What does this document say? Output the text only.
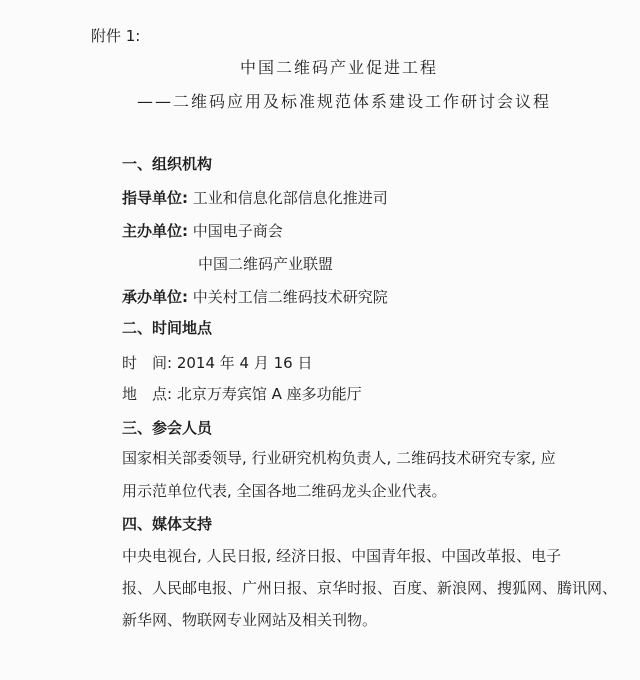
附件 1:
中国二维码产业促进工程
——二维码应用及标准规范体系建设工作研讨会议程
一、组织机构
指导单位: 工业和信息化部信息化推进司
主办单位: 中国电子商会
中国二维码产业联盟
承办单位: 中关村工信二维码技术研究院
二、时间地点
时　间: 2014 年 4 月 16 日
地　点: 北京万寿宾馆 A 座多功能厅
三、参会人员
国家相关部委领导, 行业研究机构负责人, 二维码技术研究专家, 应
用示范单位代表, 全国各地二维码龙头企业代表。
四、媒体支持
中央电视台, 人民日报, 经济日报、中国青年报、中国改革报、电子
报、人民邮电报、广州日报、京华时报、百度、新浪网、搜狐网、腾讯网、
新华网、物联网专业网站及相关刊物。
